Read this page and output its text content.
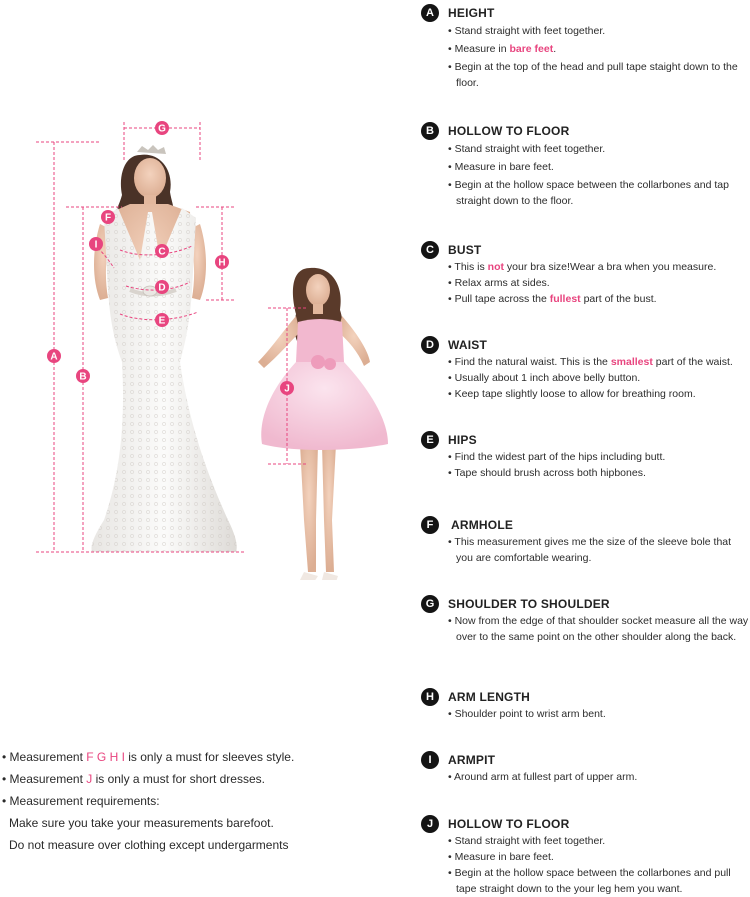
G
F
I
C
H
D
E
A
B
J
• Measurement F G H I is only a must for sleeves style.
• Measurement J is only a must for short dresses.
• Measurement requirements:
Make sure you take your measurements barefoot.
Do not measure over clothing except undergarments
A	HEIGHT
• Stand straight with feet together.
• Measure in bare feet.
• Begin at the top of the head and pull tape staight down to the floor.
B	HOLLOW TO FLOOR
• Stand straight with feet together.
• Measure in bare feet.
• Begin at the hollow space between the collarbones and tap straight down to the floor.
C	BUST
• This is not your bra size!Wear a bra when you measure.
• Relax arms at sides.
• Pull tape across the fullest part of the bust.
D	WAIST
• Find the natural waist. This is the smallest part of the waist.
• Usually about 1 inch above belly button.
• Keep tape slightly loose to allow for breathing room.
E	HIPS
• Find the widest part of the hips including butt.
• Tape should brush across both hipbones.
F	ARMHOLE
• This measurement gives me the size of the sleeve bole that you are comfortable wearing.
G	SHOULDER TO SHOULDER
• Now from the edge of that shoulder socket measure all the way over to the same point on the other shoulder along the back.
H	ARM LENGTH
• Shoulder point to wrist arm bent.
I	ARMPIT
• Around arm at fullest part of upper arm.
J	HOLLOW TO FLOOR
• Stand straight with feet together.
• Measure in bare feet.
• Begin at the hollow space between the collarbones and pull tape straight down to the your leg hem you want.
